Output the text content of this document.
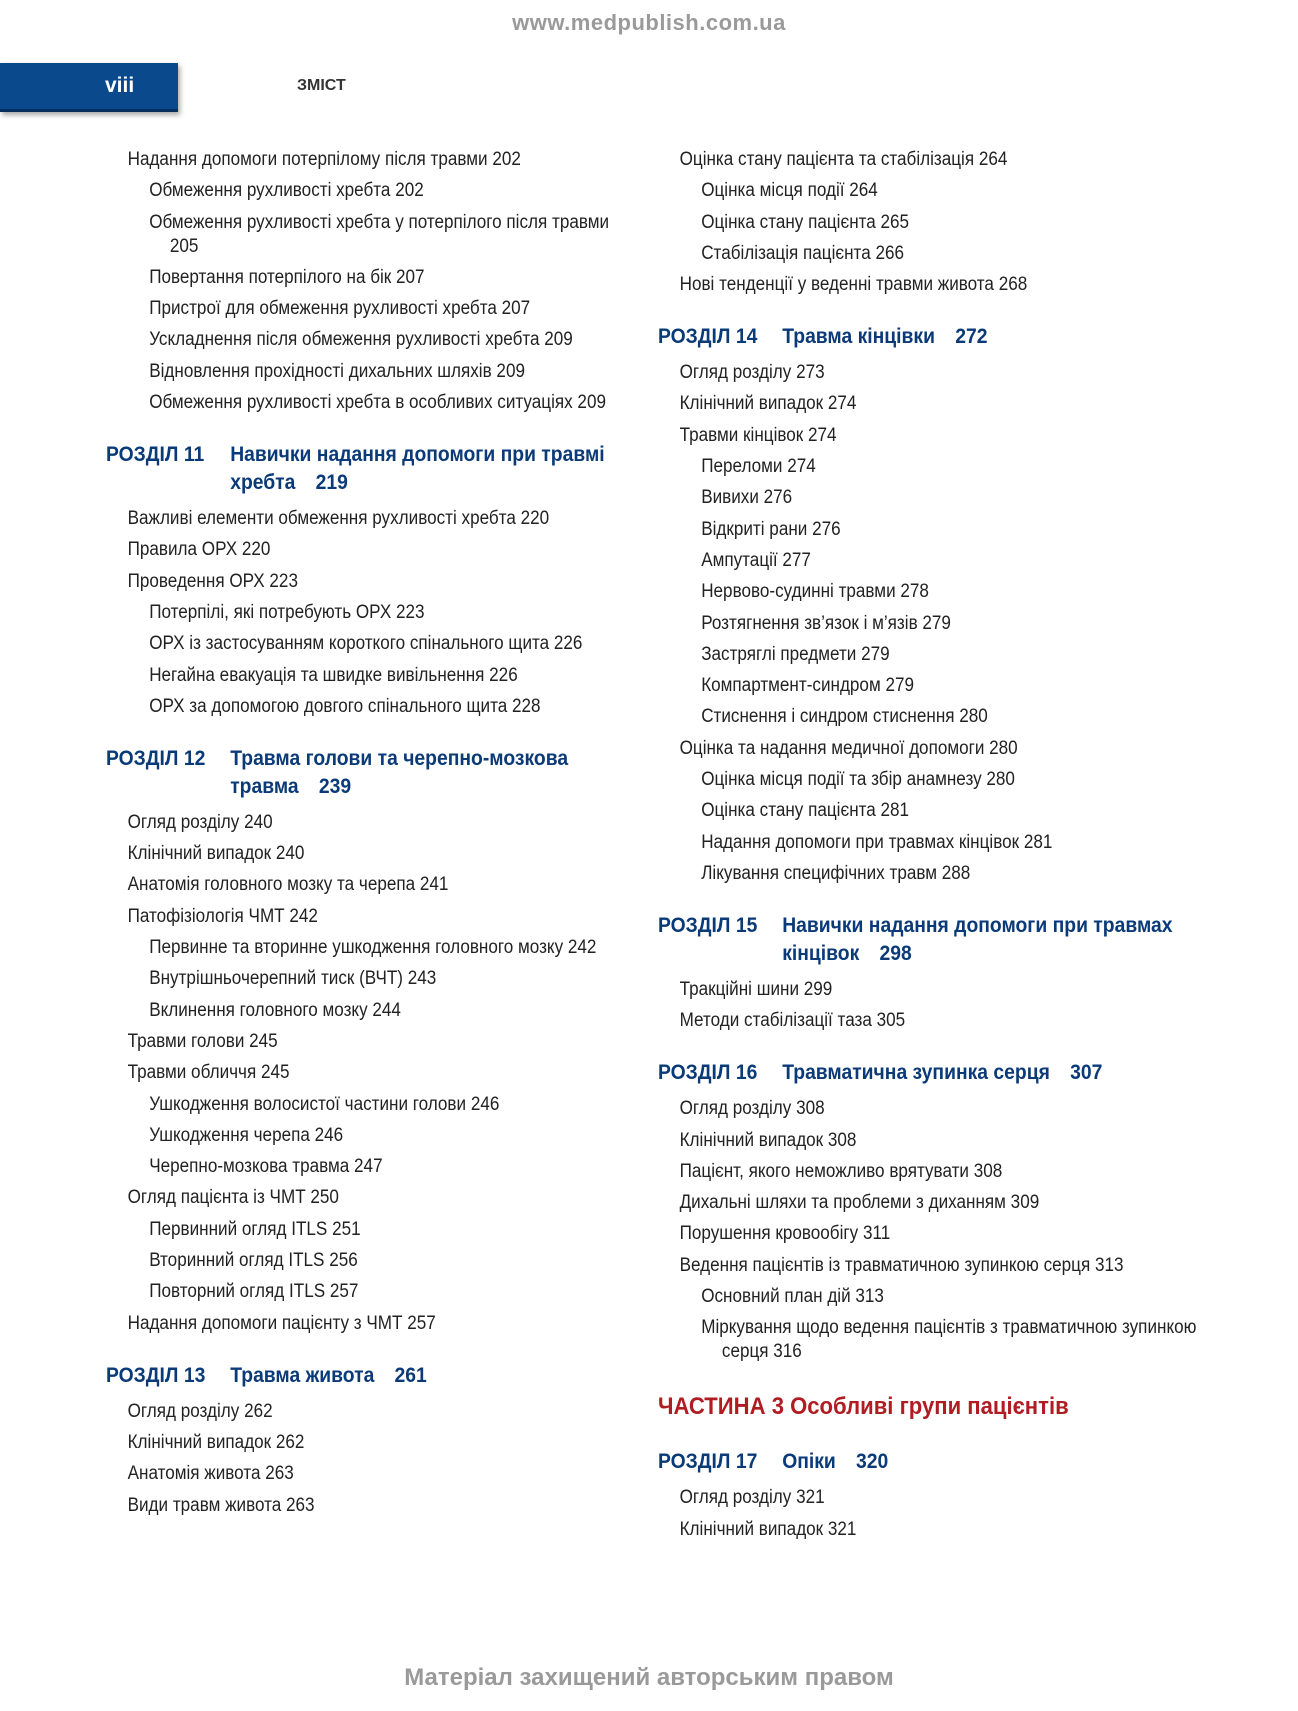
www.medpublish.com.ua
viii	ЗМІСТ
Надання допомоги потерпілому після травми 202
Обмеження рухливості хребта 202
Обмеження рухливості хребта у потерпілого після травми 205
Повертання потерпілого на бік 207
Пристрої для обмеження рухливості хребта 207
Ускладнення після обмеження рухливості хребта 209
Відновлення прохідності дихальних шляхів 209
Обмеження рухливості хребта в особливих ситуаціях 209
РОЗДІЛ 11	Навички надання допомоги при травмі хребта 219
Важливі елементи обмеження рухливості хребта 220
Правила ОРХ 220
Проведення ОРХ 223
Потерпілі, які потребують ОРХ 223
ОРХ із застосуванням короткого спінального щита 226
Негайна евакуація та швидке вивільнення 226
ОРХ за допомогою довгого спінального щита 228
РОЗДІЛ 12	Травма голови та черепно-мозкова травма 239
Огляд розділу 240
Клінічний випадок 240
Анатомія головного мозку та черепа 241
Патофізіологія ЧМТ 242
Первинне та вторинне ушкодження головного мозку 242
Внутрішньочерепний тиск (ВЧТ) 243
Вклинення головного мозку 244
Травми голови 245
Травми обличчя 245
Ушкодження волосистої частини голови 246
Ушкодження черепа 246
Черепно-мозкова травма 247
Огляд пацієнта із ЧМТ 250
Первинний огляд ITLS 251
Вторинний огляд ITLS 256
Повторний огляд ITLS 257
Надання допомоги пацієнту з ЧМТ 257
РОЗДІЛ 13	Травма живота 261
Огляд розділу 262
Клінічний випадок 262
Анатомія живота 263
Види травм живота 263
Оцінка стану пацієнта та стабілізація 264
Оцінка місця події 264
Оцінка стану пацієнта 265
Стабілізація пацієнта 266
Нові тенденції у веденні травми живота 268
РОЗДІЛ 14	Травма кінцівки 272
Огляд розділу 273
Клінічний випадок 274
Травми кінцівок 274
Переломи 274
Вивихи 276
Відкриті рани 276
Ампутації 277
Нервово-судинні травми 278
Розтягнення зв’язок і м’язів 279
Застряглі предмети 279
Компартмент-синдром 279
Стиснення і синдром стиснення 280
Оцінка та надання медичної допомоги 280
Оцінка місця події та збір анамнезу 280
Оцінка стану пацієнта 281
Надання допомоги при травмах кінцівок 281
Лікування специфічних травм 288
РОЗДІЛ 15	Навички надання допомоги при травмах кінцівок 298
Тракційні шини 299
Методи стабілізації таза 305
РОЗДІЛ 16	Травматична зупинка серця 307
Огляд розділу 308
Клінічний випадок 308
Пацієнт, якого неможливо врятувати 308
Дихальні шляхи та проблеми з диханням 309
Порушення кровообігу 311
Ведення пацієнтів із травматичною зупинкою серця 313
Основний план дій 313
Міркування щодо ведення пацієнтів з травматичною зупинкою серця 316
ЧАСТИНА 3 Особливі групи пацієнтів
РОЗДІЛ 17	Опіки 320
Огляд розділу 321
Клінічний випадок 321
Матеріал захищений авторським правом
